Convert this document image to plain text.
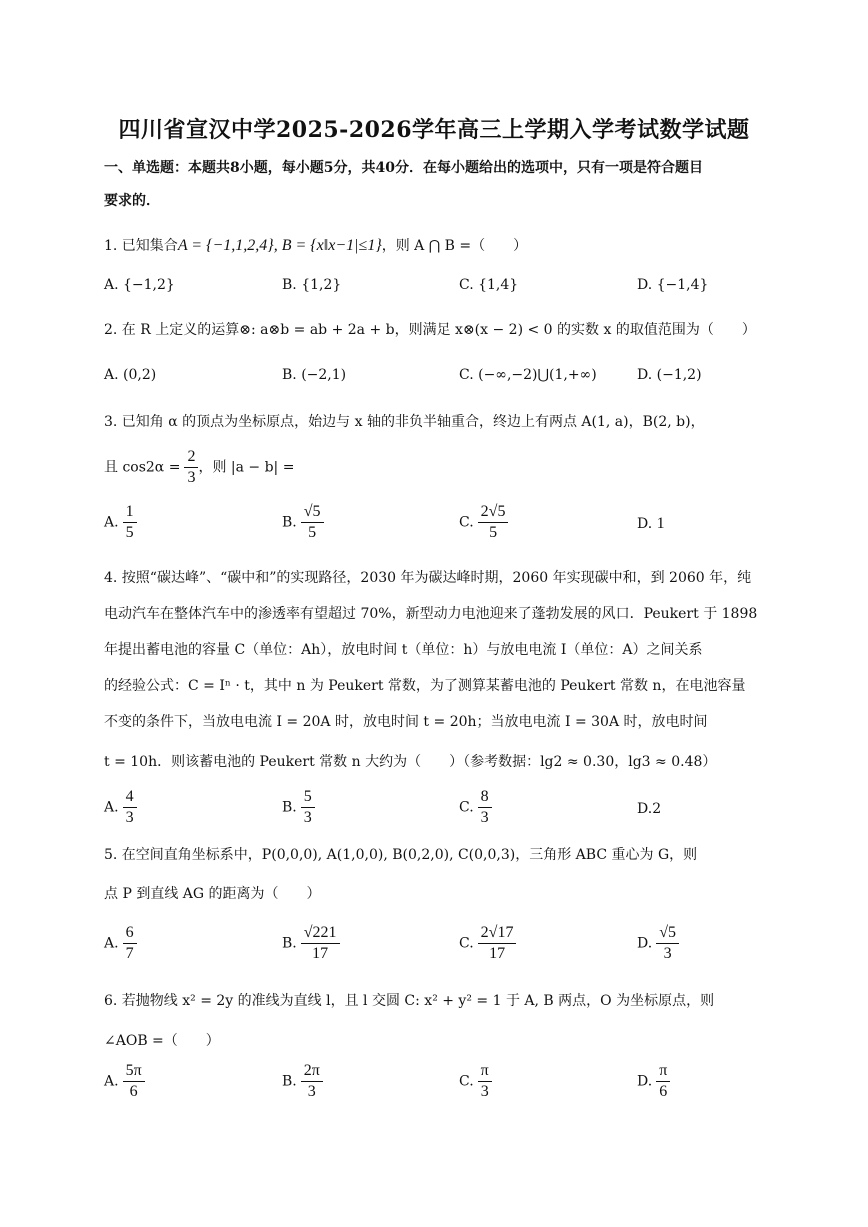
四川省宣汉中学2025-2026学年高三上学期入学考试数学试题
一、单选题：本题共8小题，每小题5分，共40分．在每小题给出的选项中，只有一项是符合题目
要求的．
1. 已知集合A = {−1,1,2,4}, B = {x‖x−1|≤1}，则 A ⋂ B =（　　）
A. {−1,2}	B. {1,2}	C. {1,4}	D. {−1,4}
2. 在 R 上定义的运算⊗: a⊗b = ab + 2a + b，则满足 x⊗(x − 2) < 0 的实数 x 的取值范围为（　　）
A. (0,2)	B. (−2,1)	C. (−∞,−2)⋃(1,+∞)	D. (−1,2)
3. 已知角 α 的顶点为坐标原点，始边与 x 轴的非负半轴重合，终边上有两点 A(1, a)，B(2, b)，
且 $\cos 2\alpha = \frac{2}{3}$ ，则 |a − b| =
A. $\frac{1}{5}$	B. $\frac{√5}{5}$	C. $\frac{2√5}{5}$	D. 1
4. 按照“碳达峰”、“碳中和”的实现路径，2030 年为碳达峰时期，2060 年实现碳中和，到 2060 年，纯
电动汽车在整体汽车中的渗透率有望超过 70%，新型动力电池迎来了蓬勃发展的风口．Peukert 于 1898
年提出蓄电池的容量 C（单位：Ah），放电时间 t（单位：h）与放电电流 I（单位：A）之间关系
的经验公式：C = Iⁿ · t，其中 n 为 Peukert 常数，为了测算某蓄电池的 Peukert 常数 n，在电池容量
不变的条件下，当放电电流 I = 20A 时，放电时间 t = 20h；当放电电流 I = 30A 时，放电时间
t = 10h．则该蓄电池的 Peukert 常数 n 大约为（　　）（参考数据：lg2 ≈ 0.30，lg3 ≈ 0.48）
A. $\frac{4}{3}$	B. $\frac{5}{3}$	C. $\frac{8}{3}$	D.2
5. 在空间直角坐标系中，P(0,0,0), A(1,0,0), B(0,2,0), C(0,0,3)，三角形 ABC 重心为 G，则
点 P 到直线 AG 的距离为（　　）
A. $\frac{6}{7}$	B. $\frac{√221}{17}$	C. $\frac{2√17}{17}$	D. $\frac{√5}{3}$
6. 若抛物线 x² = 2y 的准线为直线 l，且 l 交圆 C: x² + y² = 1 于 A, B 两点，O 为坐标原点，则
∠AOB =（　　）
A. $\frac{5\pi}{6}$	B. $\frac{2\pi}{3}$	C. $\frac{\pi}{3}$	D. $\frac{\pi}{6}$
